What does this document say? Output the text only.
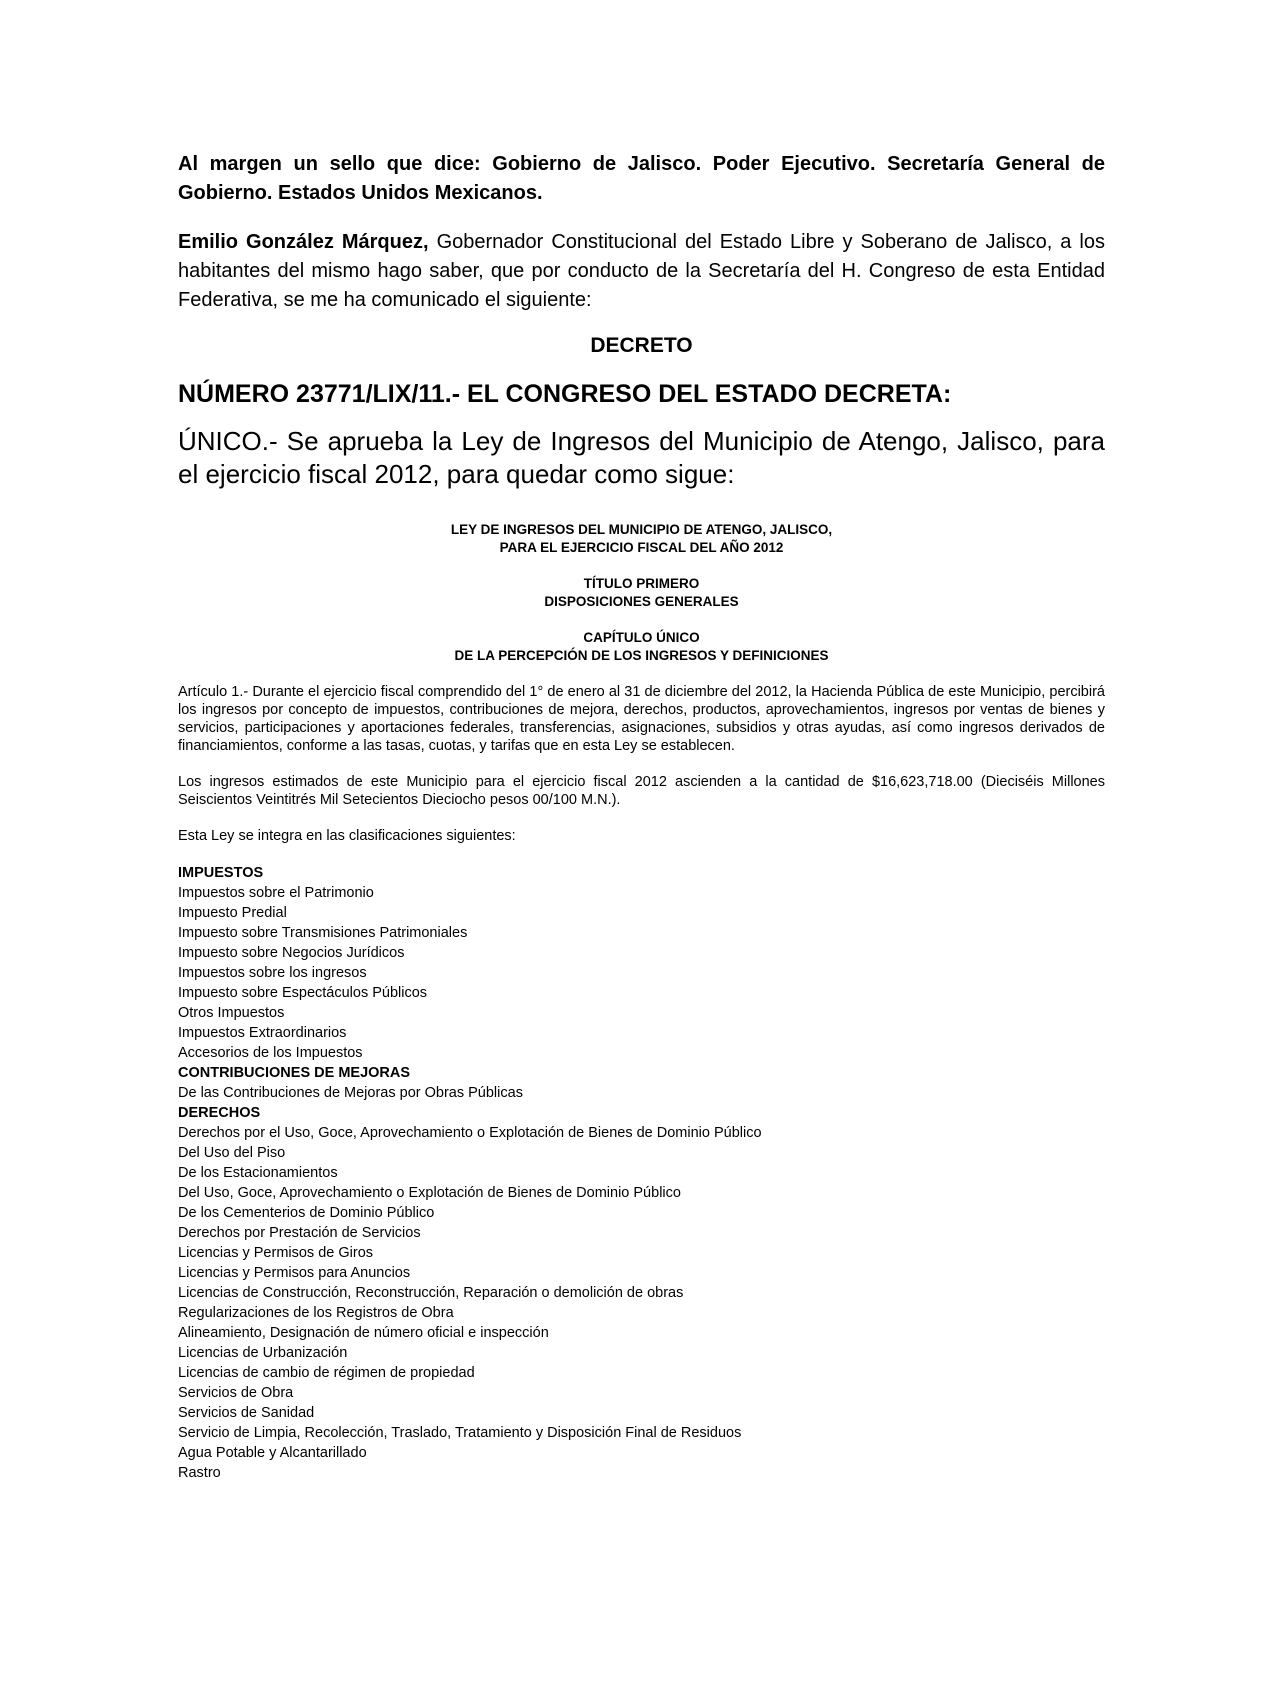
Al margen un sello que dice: Gobierno de Jalisco. Poder Ejecutivo. Secretaría General de Gobierno. Estados Unidos Mexicanos.

Emilio González Márquez, Gobernador Constitucional del Estado Libre y Soberano de Jalisco, a los habitantes del mismo hago saber, que por conducto de la Secretaría del H. Congreso de esta Entidad Federativa, se me ha comunicado el siguiente:

DECRETO
NÚMERO 23771/LIX/11.- EL CONGRESO DEL ESTADO DECRETA:

ÚNICO.- Se aprueba la Ley de Ingresos del Municipio de Atengo, Jalisco, para el ejercicio fiscal 2012, para quedar como sigue:

LEY DE INGRESOS DEL MUNICIPIO DE ATENGO, JALISCO,
PARA EL EJERCICIO FISCAL DEL AÑO 2012
TÍTULO PRIMERO
DISPOSICIONES GENERALES
CAPÍTULO ÚNICO
DE LA PERCEPCIÓN DE LOS INGRESOS Y DEFINICIONES

Artículo 1.- Durante el ejercicio fiscal comprendido del 1° de enero al 31 de diciembre del 2012, la Hacienda Pública de este Municipio, percibirá los ingresos por concepto de impuestos, contribuciones de mejora, derechos, productos, aprovechamientos, ingresos por ventas de bienes y servicios, participaciones y aportaciones federales, transferencias, asignaciones, subsidios y otras ayudas, así como ingresos derivados de financiamientos, conforme a las tasas, cuotas, y tarifas que en esta Ley se establecen.

Los ingresos estimados de este Municipio para el ejercicio fiscal 2012 ascienden a la cantidad de $16,623,718.00 (Dieciséis Millones Seiscientos Veintitrés Mil Setecientos Dieciocho pesos 00/100 M.N.).

Esta Ley se integra en las clasificaciones siguientes:

IMPUESTOS
Impuestos sobre el Patrimonio
Impuesto Predial
Impuesto sobre Transmisiones Patrimoniales
Impuesto sobre Negocios Jurídicos
Impuestos sobre los ingresos
Impuesto sobre Espectáculos Públicos
Otros Impuestos
Impuestos Extraordinarios
Accesorios de los Impuestos
CONTRIBUCIONES DE MEJORAS
De las Contribuciones de Mejoras por Obras Públicas
DERECHOS
Derechos por el Uso, Goce, Aprovechamiento o Explotación de Bienes de Dominio Público
Del Uso del Piso
De los Estacionamientos
Del Uso, Goce, Aprovechamiento o Explotación de Bienes de Dominio Público
De los Cementerios de Dominio Público
Derechos por Prestación de Servicios
Licencias y Permisos de Giros
Licencias y Permisos para Anuncios
Licencias de Construcción, Reconstrucción, Reparación o demolición de obras
Regularizaciones de los Registros de Obra
Alineamiento, Designación de número oficial e inspección
Licencias de Urbanización
Licencias de cambio de régimen de propiedad
Servicios de Obra
Servicios de Sanidad
Servicio de Limpia, Recolección, Traslado, Tratamiento y Disposición Final de Residuos
Agua Potable y Alcantarillado
Rastro
